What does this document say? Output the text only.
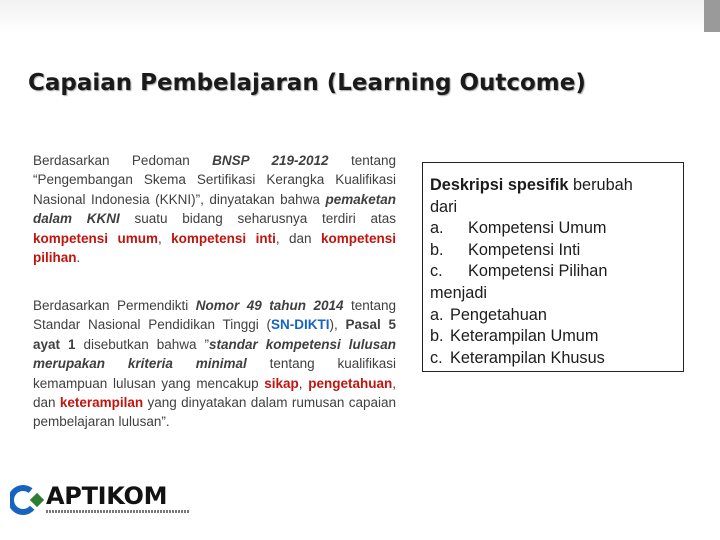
Capaian Pembelajaran (Learning Outcome)
Berdasarkan Pedoman BNSP 219-2012 tentang “Pengembangan Skema Sertifikasi Kerangka Kualifikasi Nasional Indonesia (KKNI)”, dinyatakan bahwa pemaketan dalam KKNI suatu bidang seharusnya terdiri atas kompetensi umum, kompetensi inti, dan kompetensi pilihan.
Berdasarkan Permendikti Nomor 49 tahun 2014 tentang Standar Nasional Pendidikan Tinggi (SN-DIKTI), Pasal 5 ayat 1 disebutkan bahwa ”standar kompetensi lulusan merupakan kriteria minimal tentang kualifikasi kemampuan lulusan yang mencakup sikap, pengetahuan, dan keterampilan yang dinyatakan dalam rumusan capaian pembelajaran lulusan”.
Deskripsi spesifik berubah
dari
a. Kompetensi Umum
b. Kompetensi Inti
c. Kompetensi Pilihan
menjadi
a. Pengetahuan
b. Keterampilan Umum
c. Keterampilan Khusus
APTIKOM
